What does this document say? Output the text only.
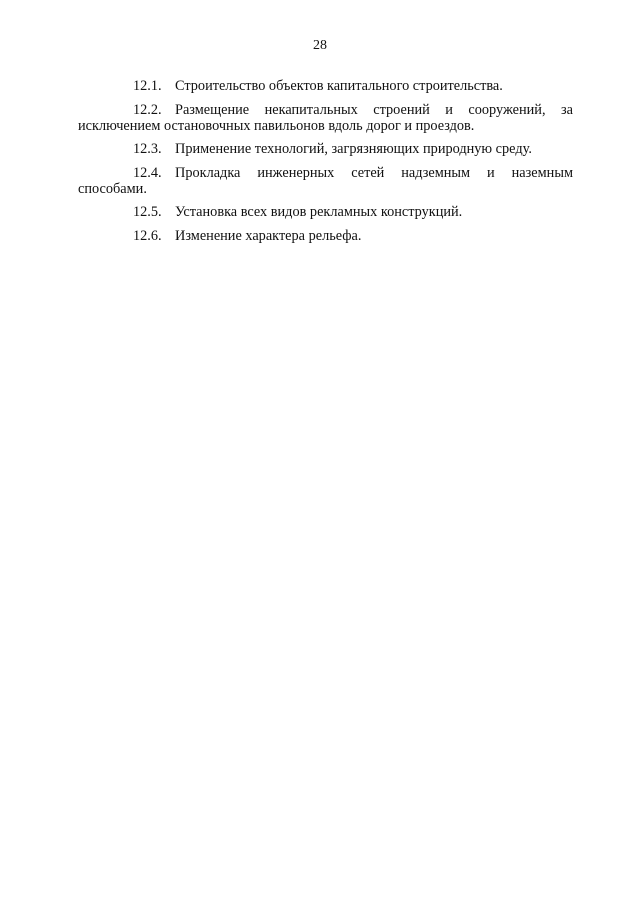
28

12.1. Строительство объектов капитального строительства.

12.2. Размещение некапитальных строений и сооружений, за исключением остановочных павильонов вдоль дорог и проездов.

12.3. Применение технологий, загрязняющих природную среду.

12.4. Прокладка инженерных сетей надземным и наземным способами.

12.5. Установка всех видов рекламных конструкций.

12.6. Изменение характера рельефа.
